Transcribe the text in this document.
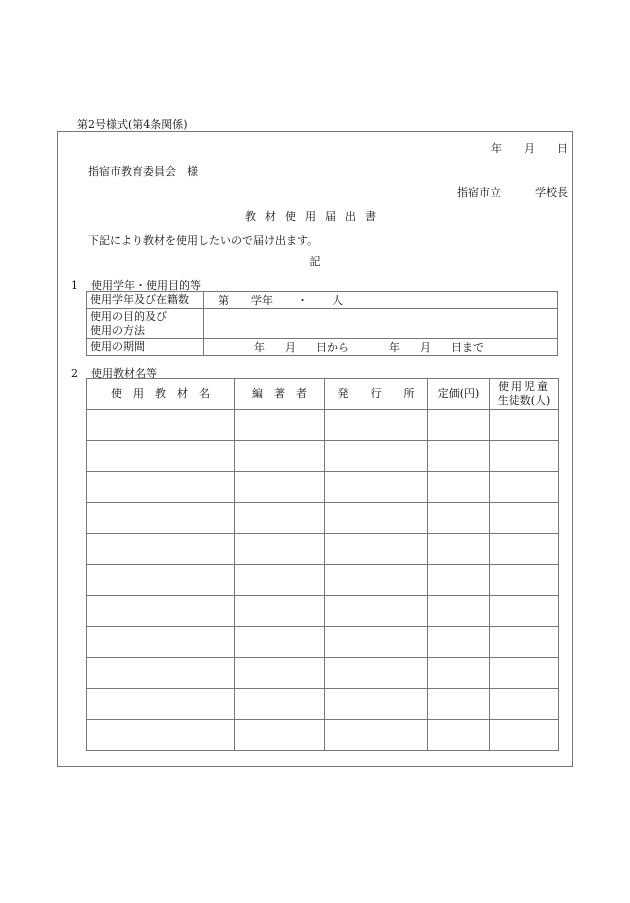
第2号様式(第4条関係)
年 月 日
指宿市教育委員会　様
指宿市立	学校長
教材使用届出書
下記により教材を使用したいので届け出ます。
記
1 使用学年・使用目的等
使用学年及び在籍数	第 学年 ・ 人

使用の目的及び
使用の方法	

使用の期間	年 月 日から 年 月 日まで
2 使用教材名等
使　用　教　材　名	編　著　者	発　　行　　所	定価(円)	使用児童
生徒数(人)
